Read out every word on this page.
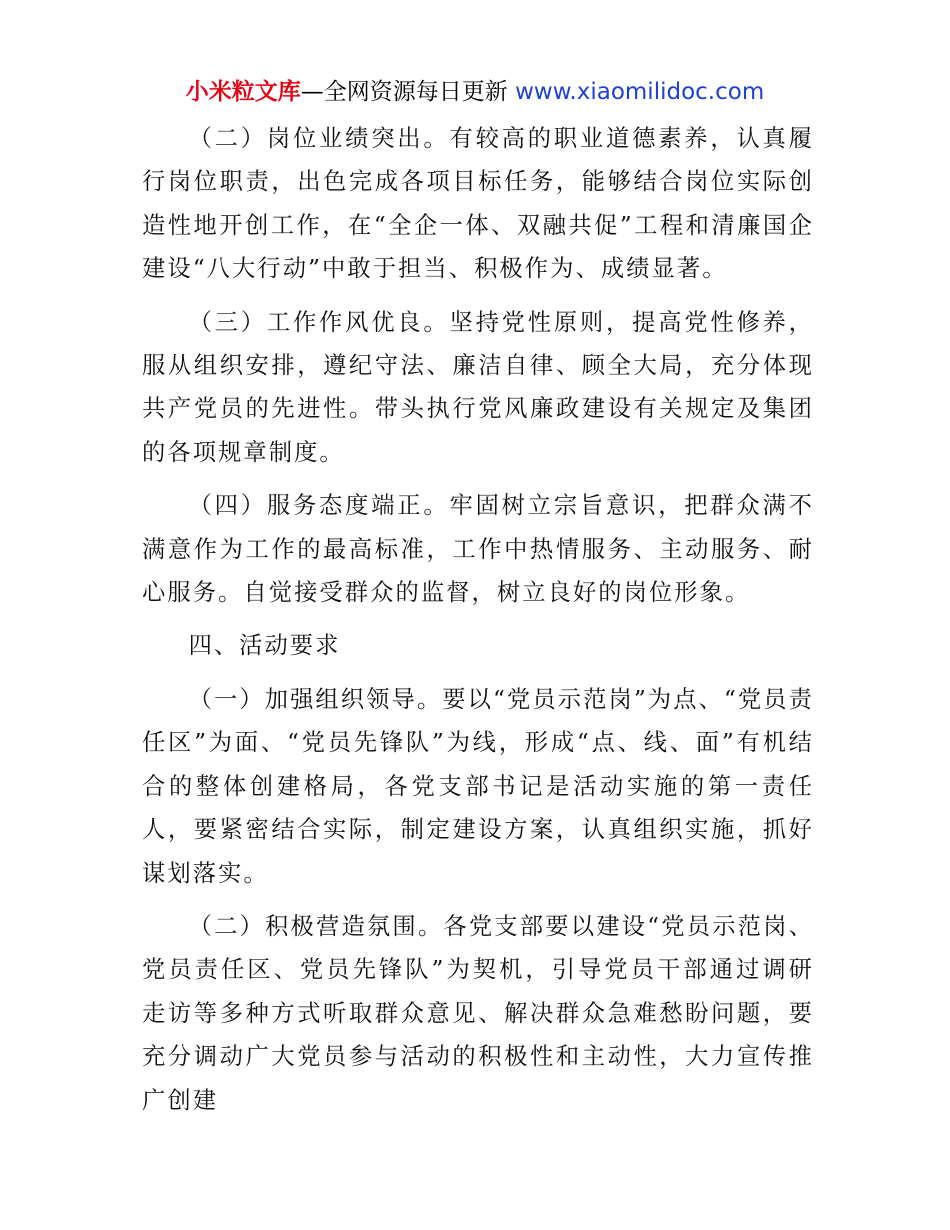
小米粒文库—全网资源每日更新 www.xiaomilidoc.com

（二）岗位业绩突出。有较高的职业道德素养，认真履行岗位职责，出色完成各项目标任务，能够结合岗位实际创造性地开创工作，在“全企一体、双融共促”工程和清廉国企建设“八大行动”中敢于担当、积极作为、成绩显著。

（三）工作作风优良。坚持党性原则，提高党性修养，服从组织安排，遵纪守法、廉洁自律、顾全大局，充分体现共产党员的先进性。带头执行党风廉政建设有关规定及集团的各项规章制度。

（四）服务态度端正。牢固树立宗旨意识，把群众满不满意作为工作的最高标准，工作中热情服务、主动服务、耐心服务。自觉接受群众的监督，树立良好的岗位形象。

四、活动要求

（一）加强组织领导。要以“党员示范岗”为点、“党员责任区”为面、“党员先锋队”为线，形成“点、线、面”有机结合的整体创建格局，各党支部书记是活动实施的第一责任人，要紧密结合实际，制定建设方案，认真组织实施，抓好谋划落实。

（二）积极营造氛围。各党支部要以建设“党员示范岗、党员责任区、党员先锋队”为契机，引导党员干部通过调研走访等多种方式听取群众意见、解决群众急难愁盼问题，要充分调动广大党员参与活动的积极性和主动性，大力宣传推广创建
